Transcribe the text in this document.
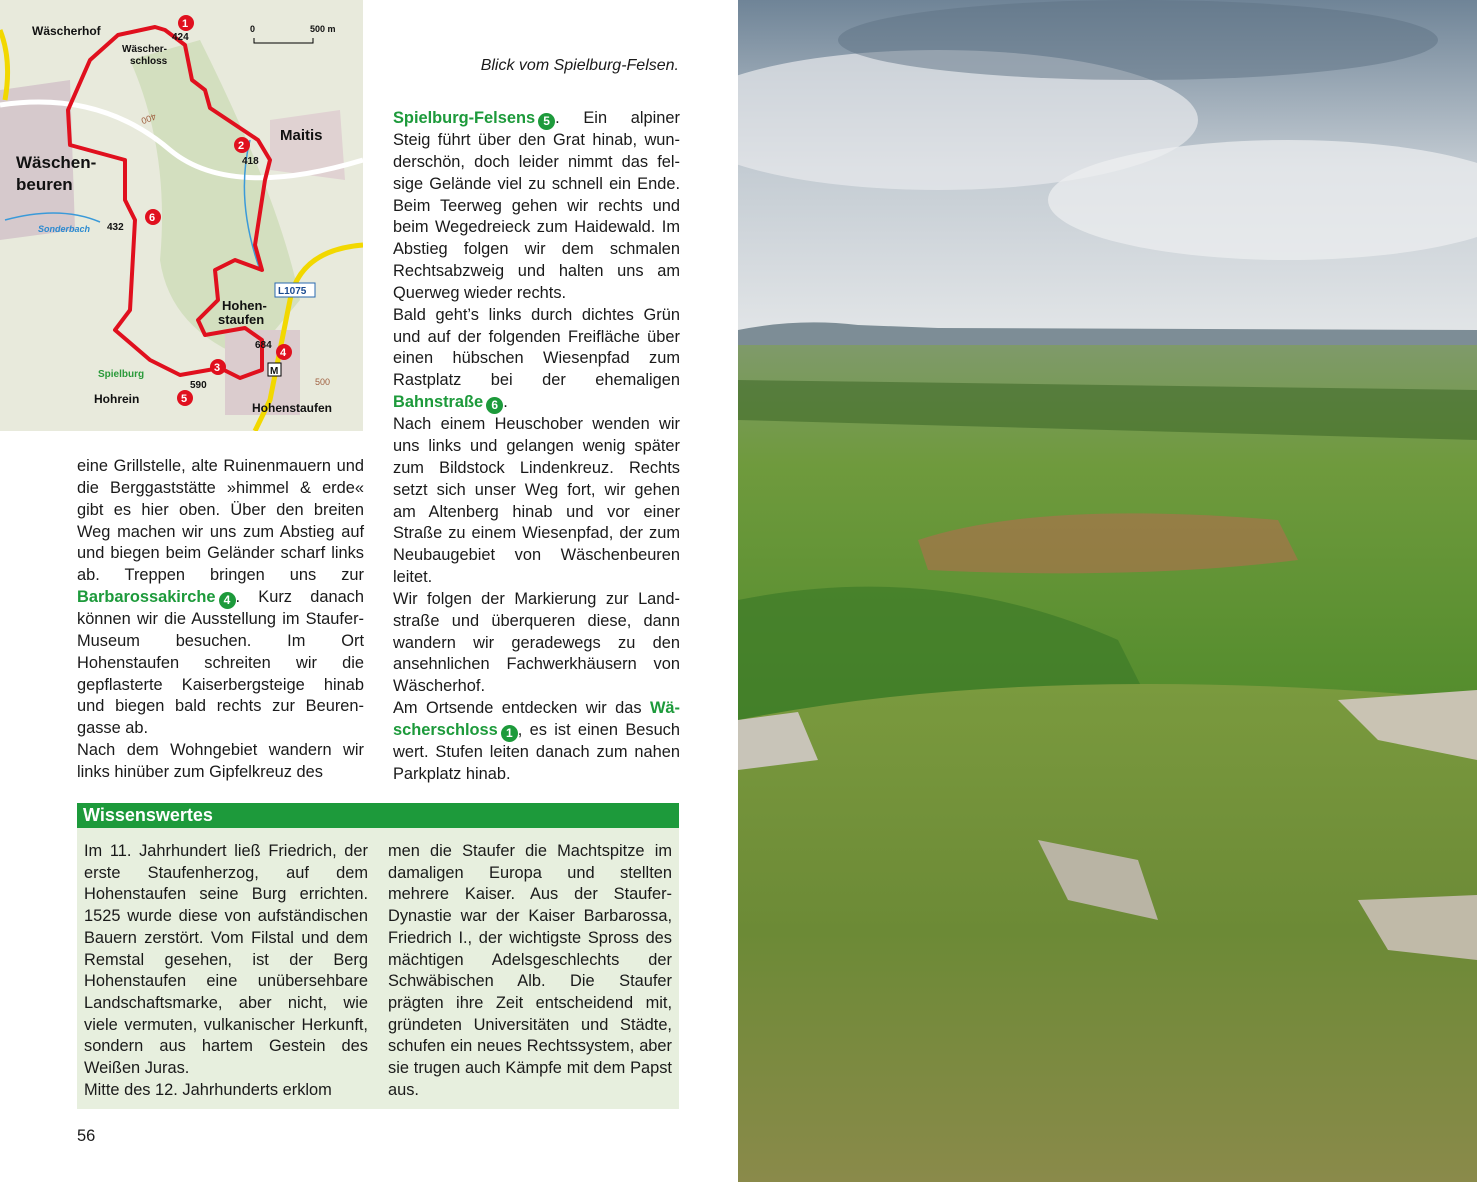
Wäscherhof
Wäscher-
schloss
Maitis
Wäschen-
beuren
Sonderbach
Hohen-
staufen
Spielburg
Hohrein
Hohenstaufen
L1075
424
418
432
684
590
400
500
M
0	500 m
1
2
3
4
5
6
Blick vom Spielburg-Felsen.

eine Grillstelle, alte Ruinenmauern und die Berggaststätte »himmel & erde« gibt es hier oben. Über den breiten Weg machen wir uns zum Abstieg auf und biegen beim Geländer scharf links ab. Treppen bringen uns zur Barbarossakirche 4 . Kurz danach können wir die Ausstellung im Staufer-Museum besuchen. Im Ort Hohenstaufen schreiten wir die gepflasterte Kaiserbergsteige hinab und biegen bald rechts zur Beurengasse ab.

Nach dem Wohngebiet wandern wir links hinüber zum Gipfelkreuz des

Spielburg-Felsens 5 . Ein alpiner Steig führt über den Grat hinab, wunderschön, doch leider nimmt das felsige Gelände viel zu schnell ein Ende. Beim Teerweg gehen wir rechts und beim Wegedreieck zum Haidewald. Im Abstieg folgen wir dem schmalen Rechtsabzweig und halten uns am Querweg wieder rechts.

Bald geht’s links durch dichtes Grün und auf der folgenden Freifläche über einen hübschen Wiesenpfad zum Rastplatz bei der ehemaligen Bahnstraße 6 .

Nach einem Heuschober wenden wir uns links und gelangen wenig später zum Bildstock Lindenkreuz. Rechts setzt sich unser Weg fort, wir gehen am Altenberg hinab und vor einer Straße zu einem Wiesenpfad, der zum Neubaugebiet von Wäschenbeuren leitet.

Wir folgen der Markierung zur Landstraße und überqueren diese, dann wandern wir geradewegs zu den ansehnlichen Fachwerkhäusern von Wäscherhof.

Am Ortsende entdecken wir das Wäscherschloss 1 , es ist einen Besuch wert. Stufen leiten danach zum nahen Parkplatz hinab.

Wissenswertes

Im 11. Jahrhundert ließ Friedrich, der erste Staufenherzog, auf dem Hohenstaufen seine Burg errichten. 1525 wurde diese von aufständischen Bauern zerstört. Vom Filstal und dem Remstal gesehen, ist der Berg Hohenstaufen eine unübersehbare Landschaftsmarke, aber nicht, wie viele vermuten, vulkanischer Herkunft, sondern aus hartem Gestein des Weißen Juras.

Mitte des 12. Jahrhunderts erklom

men die Staufer die Machtspitze im damaligen Europa und stellten mehrere Kaiser. Aus der Staufer-Dynastie war der Kaiser Barbarossa, Friedrich I., der wichtigste Spross des mächtigen Adelsgeschlechts der Schwäbischen Alb. Die Staufer prägten ihre Zeit entscheidend mit, gründeten Universitäten und Städte, schufen ein neues Rechtssystem, aber sie trugen auch Kämpfe mit dem Papst aus.

56
